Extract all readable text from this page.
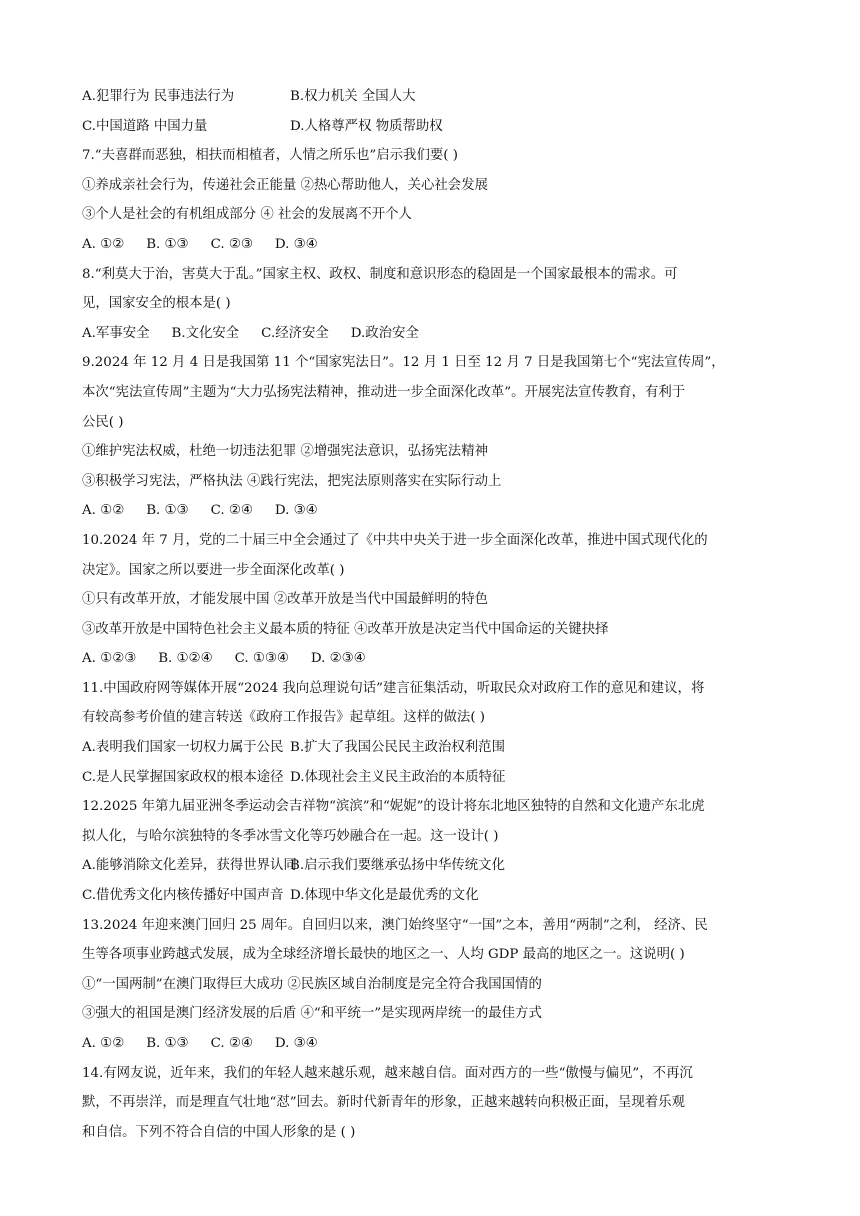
A.犯罪行为 民事违法行为	B.权力机关 全国人大
C.中国道路 中国力量	D.人格尊严权 物质帮助权
7.“夫喜群而恶独，相扶而相植者，人情之所乐也”启示我们要( )
①养成亲社会行为，传递社会正能量 ②热心帮助他人，关心社会发展
③个人是社会的有机组成部分 ④ 社会的发展离不开个人
A. ①② B. ①③ C. ②③ D. ③④
8.“利莫大于治，害莫大于乱。”国家主权、政权、制度和意识形态的稳固是一个国家最根本的需求。可
见，国家安全的根本是( )
A.军事安全 B.文化安全 C.经济安全 D.政治安全
9.2024 年 12 月 4 日是我国第 11 个“国家宪法日”。12 月 1 日至 12 月 7 日是我国第七个“宪法宣传周”，
本次“宪法宣传周”主题为“大力弘扬宪法精神，推动进一步全面深化改革”。开展宪法宣传教育，有利于
公民( )
①维护宪法权威，杜绝一切违法犯罪 ②增强宪法意识，弘扬宪法精神
③积极学习宪法，严格执法 ④践行宪法，把宪法原则落实在实际行动上
A. ①② B. ①③ C. ②④ D. ③④
10.2024 年 7 月，党的二十届三中全会通过了《中共中央关于进一步全面深化改革，推进中国式现代化的
决定》。国家之所以要进一步全面深化改革( )
①只有改革开放，才能发展中国 ②改革开放是当代中国最鲜明的特色
③改革开放是中国特色社会主义最本质的特征 ④改革开放是决定当代中国命运的关键抉择
A. ①②③ B. ①②④ C. ①③④ D. ②③④
11.中国政府网等媒体开展“2024 我向总理说句话”建言征集活动，听取民众对政府工作的意见和建议，将
有较高参考价值的建言转送《政府工作报告》起草组。这样的做法( )
A.表明我们国家一切权力属于公民 B.扩大了我国公民民主政治权利范围
C.是人民掌握国家政权的根本途径 D.体现社会主义民主政治的本质特征
12.2025 年第九届亚洲冬季运动会吉祥物“滨滨”和“妮妮”的设计将东北地区独特的自然和文化遗产东北虎
拟人化，与哈尔滨独特的冬季冰雪文化等巧妙融合在一起。这一设计( )
A.能够消除文化差异，获得世界认同B.启示我们要继承弘扬中华传统文化
C.借优秀文化内核传播好中国声音 D.体现中华文化是最优秀的文化
13.2024 年迎来澳门回归 25 周年。自回归以来，澳门始终坚守“一国”之本，善用“两制”之利， 经济、民
生等各项事业跨越式发展，成为全球经济增长最快的地区之一、人均 GDP 最高的地区之一。这说明( )
①“一国两制”在澳门取得巨大成功 ②民族区域自治制度是完全符合我国国情的
③强大的祖国是澳门经济发展的后盾 ④“和平统一”是实现两岸统一的最佳方式
A. ①② B. ①③ C. ②④ D. ③④
14.有网友说，近年来，我们的年轻人越来越乐观，越来越自信。面对西方的一些“傲慢与偏见”，不再沉
默，不再崇洋，而是理直气壮地“怼”回去。新时代新青年的形象，正越来越转向积极正面，呈现着乐观
和自信。下列不符合自信的中国人形象的是 ( )
